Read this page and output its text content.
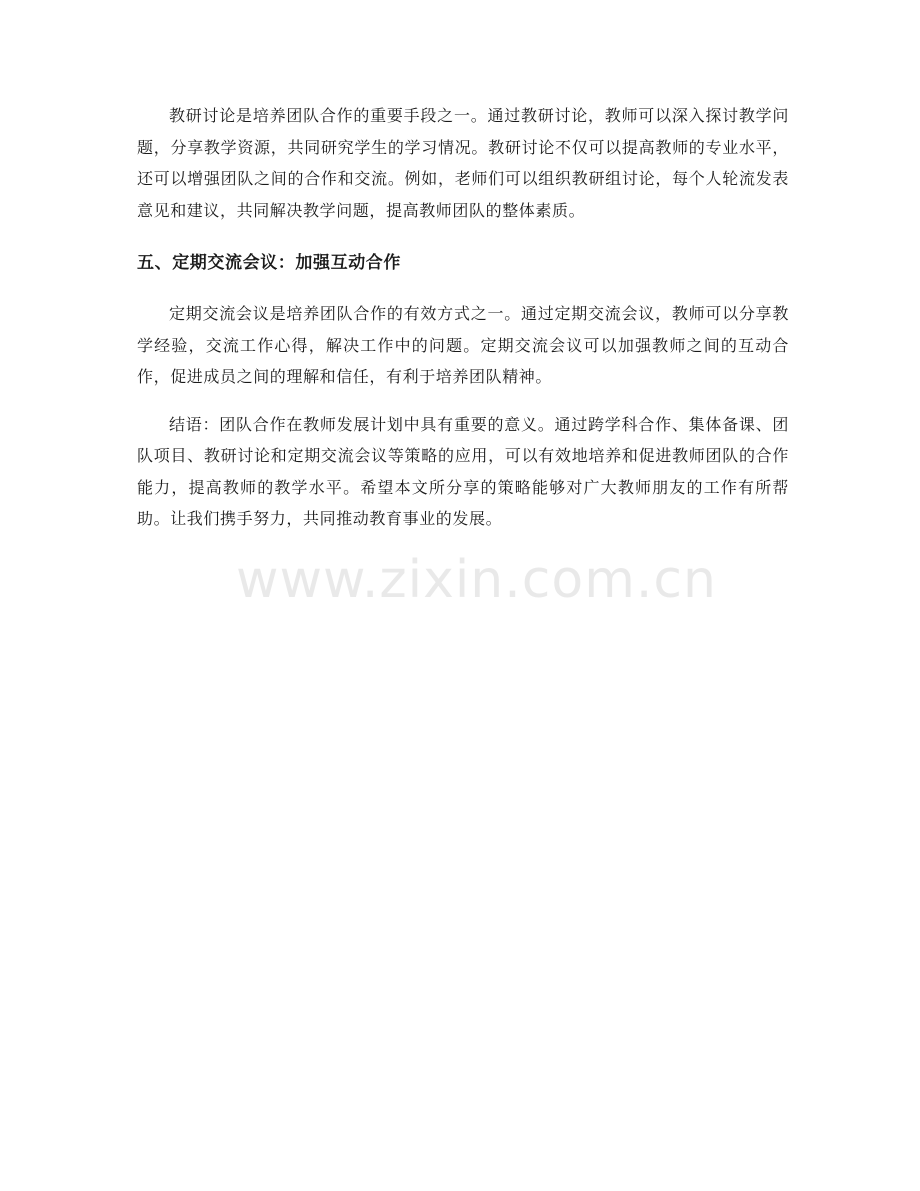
教研讨论是培养团队合作的重要手段之一。通过教研讨论，教师可以深入探讨教学问题，分享教学资源，共同研究学生的学习情况。教研讨论不仅可以提高教师的专业水平，还可以增强团队之间的合作和交流。例如，老师们可以组织教研组讨论，每个人轮流发表意见和建议，共同解决教学问题，提高教师团队的整体素质。

五、定期交流会议：加强互动合作

定期交流会议是培养团队合作的有效方式之一。通过定期交流会议，教师可以分享教学经验，交流工作心得，解决工作中的问题。定期交流会议可以加强教师之间的互动合作，促进成员之间的理解和信任，有利于培养团队精神。

结语：团队合作在教师发展计划中具有重要的意义。通过跨学科合作、集体备课、团队项目、教研讨论和定期交流会议等策略的应用，可以有效地培养和促进教师团队的合作能力，提高教师的教学水平。希望本文所分享的策略能够对广大教师朋友的工作有所帮助。让我们携手努力，共同推动教育事业的发展。

www.zixin.com.cn
